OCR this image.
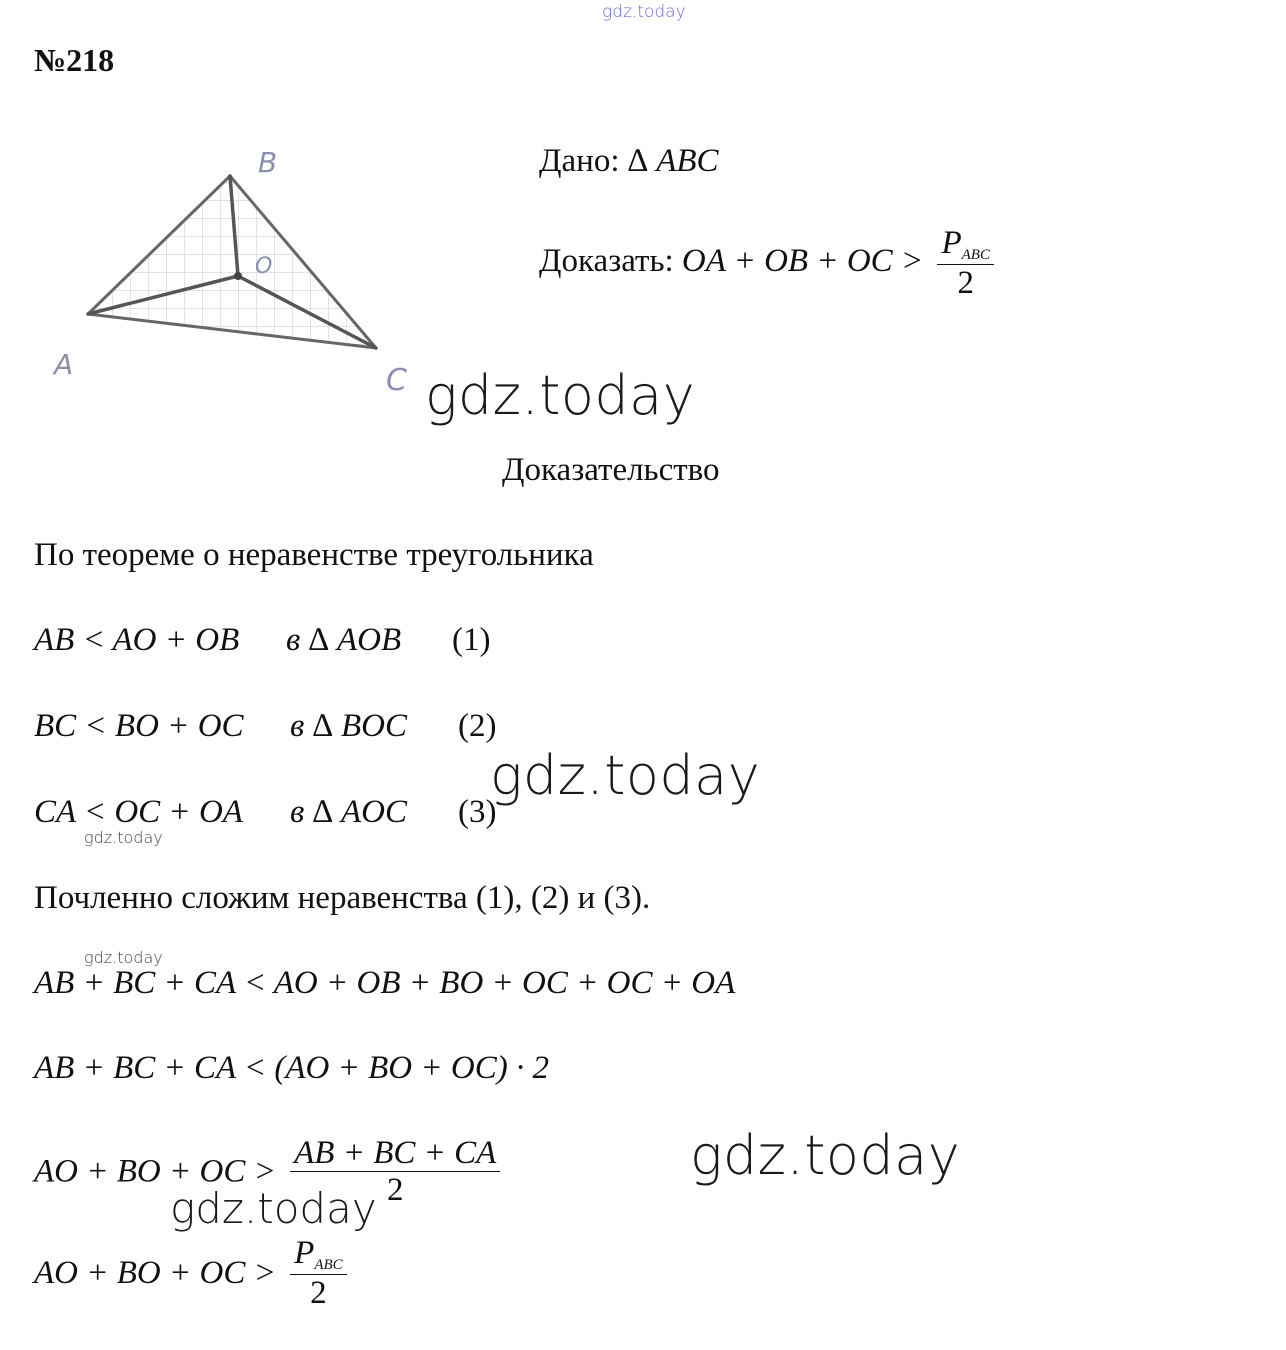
gdz.today
№218
B
O
A	C
Дано: ∆ ABC
Доказать: OA + OB + OC > $\frac{P_{ABC}}{2}$
gdz.today
Доказательство
По теореме о неравенстве треугольника
AB < AO + OB в ∆ AOB (1)
BC < BO + OC в ∆ BOC (2)
gdz.today
CA < OC + OA в ∆ AOC (3)
gdz.today
Почленно сложим неравенства (1), (2) и (3).
gdz.today
AB + BC + CA < AO + OB + BO + OC + OC + OA
AB + BC + CA < (AO + BO + OC) · 2
AO + BO + OC > $\frac{AB + BC + CA}{2}$	gdz.today
gdz.today
AO + BO + OC > $\frac{P_{ABC}}{2}$
